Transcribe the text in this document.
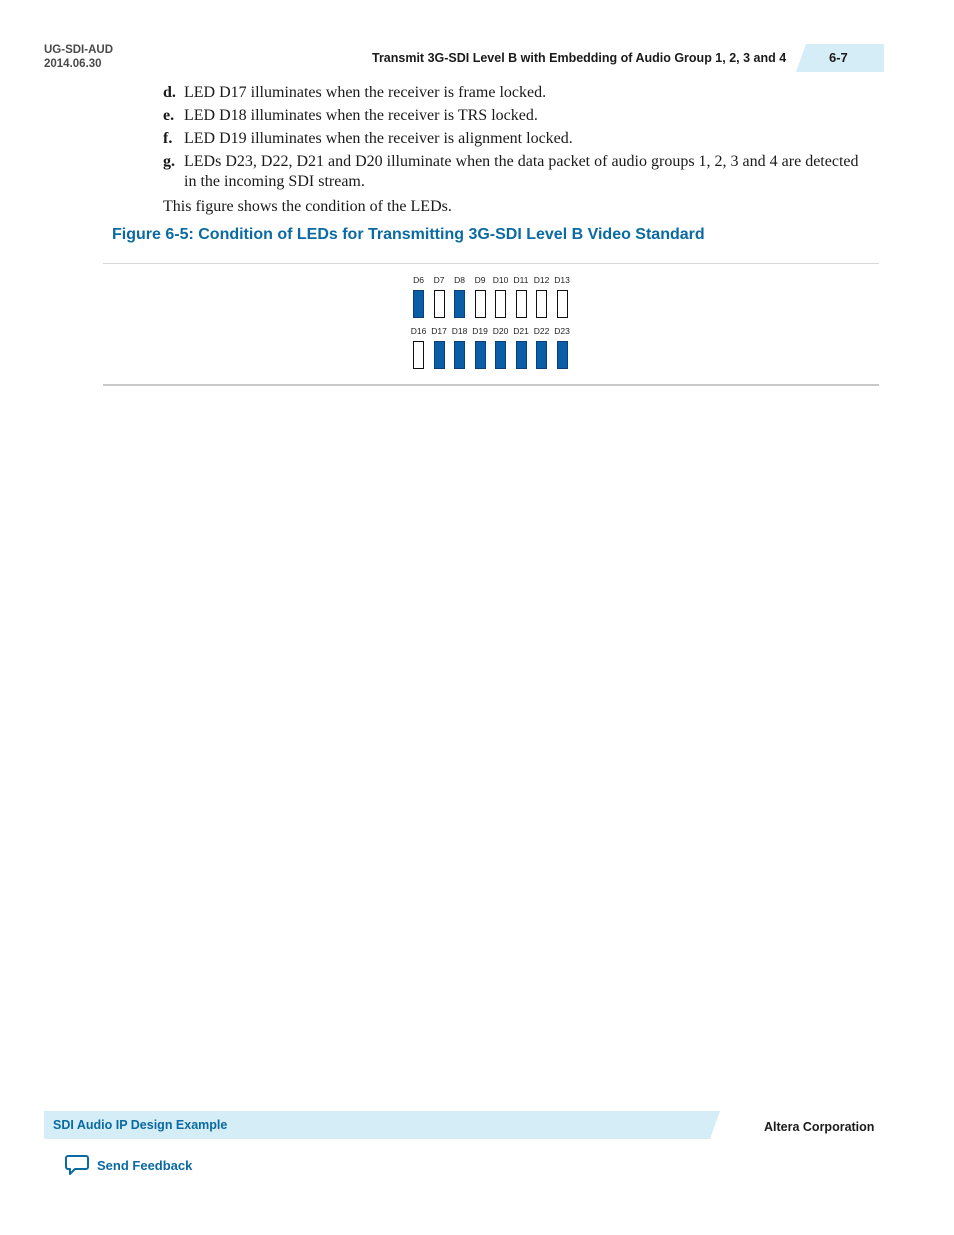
UG-SDI-AUD
2014.06.30	Transmit 3G-SDI Level B with Embedding of Audio Group 1, 2, 3 and 4	6-7
d. LED D17 illuminates when the receiver is frame locked.
e. LED D18 illuminates when the receiver is TRS locked.
f. LED D19 illuminates when the receiver is alignment locked.
g. LEDs D23, D22, D21 and D20 illuminate when the data packet of audio groups 1, 2, 3 and 4 are detected in the incoming SDI stream.
This figure shows the condition of the LEDs.
Figure 6-5: Condition of LEDs for Transmitting 3G-SDI Level B Video Standard
SDI Audio IP Design Example	Altera Corporation
Send Feedback
D6	D7	D8	D9 D10 D11 D12 D13
D16 D17 D18 D19 D20 D21 D22 D23
